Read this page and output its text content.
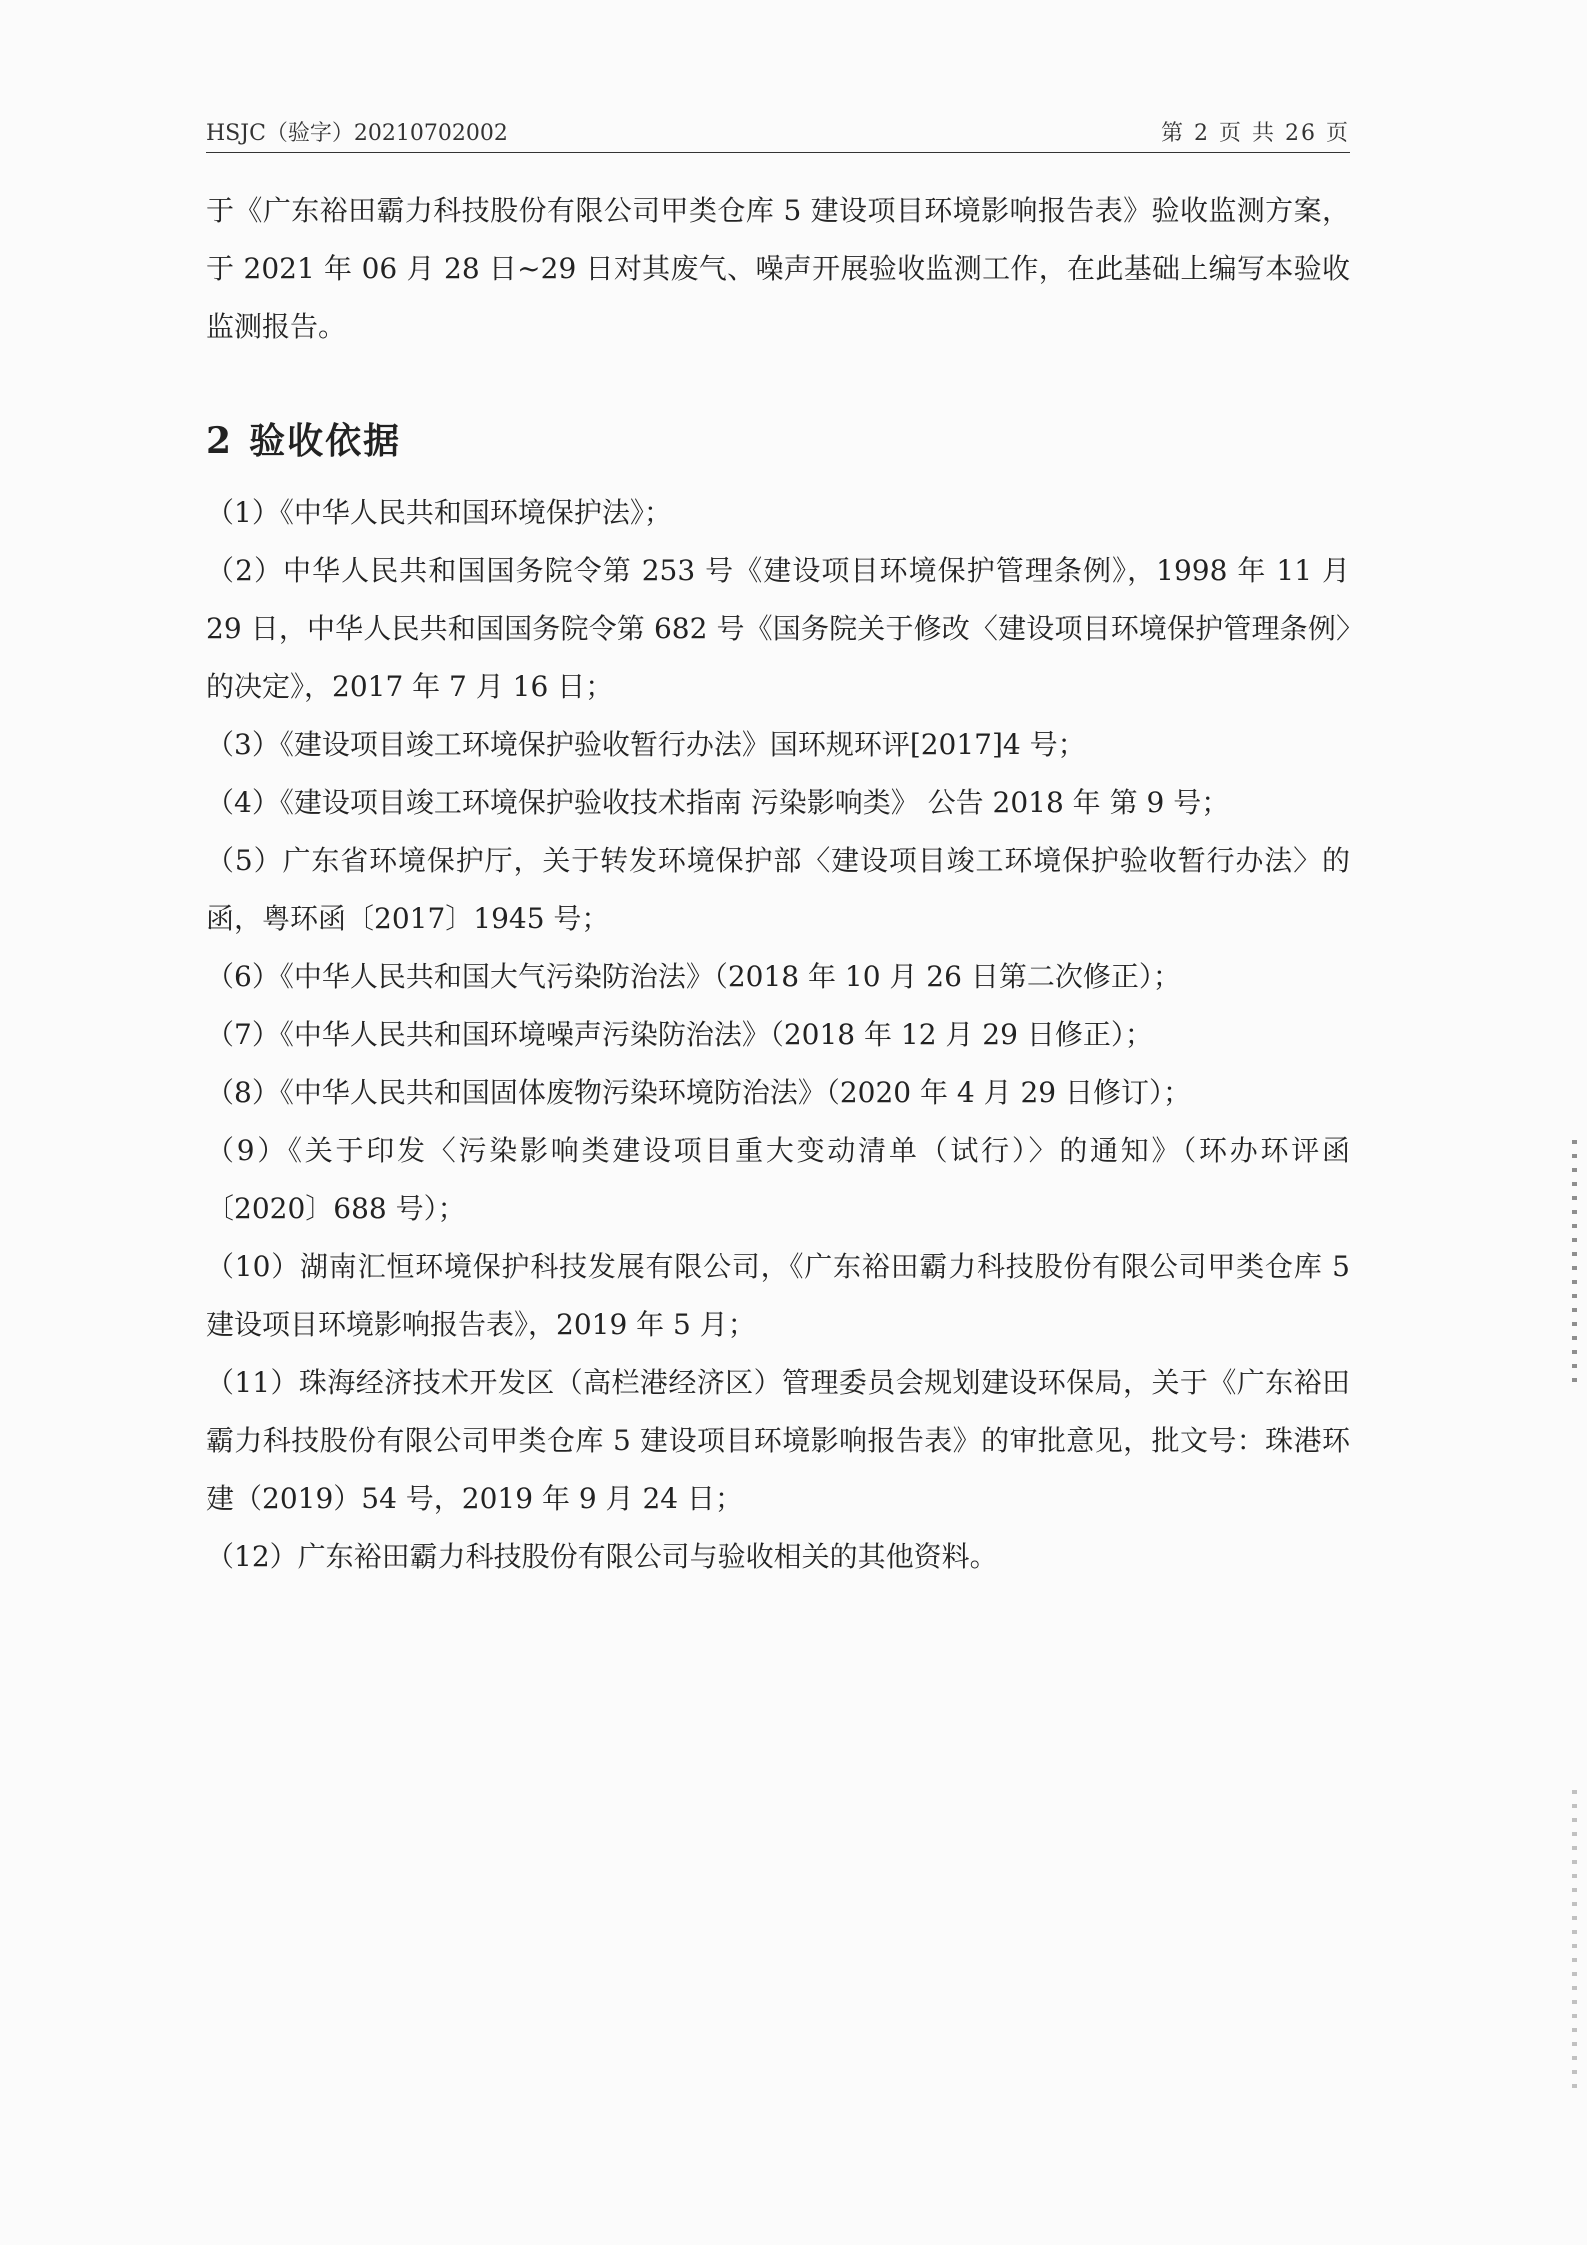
HSJC（验字）20210702002	第 2 页 共 26 页

于《广东裕田霸力科技股份有限公司甲类仓库 5 建设项目环境影响报告表》验收监测方案，于 2021 年 06 月 28 日~29 日对其废气、噪声开展验收监测工作，在此基础上编写本验收监测报告。

2 验收依据
（1）《中华人民共和国环境保护法》；
（2）中华人民共和国国务院令第 253 号《建设项目环境保护管理条例》，1998 年 11 月 29 日，中华人民共和国国务院令第 682 号《国务院关于修改〈建设项目环境保护管理条例〉的决定》，2017 年 7 月 16 日；
（3）《建设项目竣工环境保护验收暂行办法》国环规环评[2017]4 号；
（4）《建设项目竣工环境保护验收技术指南 污染影响类》 公告 2018 年 第 9 号；
（5）广东省环境保护厅，关于转发环境保护部〈建设项目竣工环境保护验收暂行办法〉的函，粤环函〔2017〕1945 号；
（6）《中华人民共和国大气污染防治法》（2018 年 10 月 26 日第二次修正）；
（7）《中华人民共和国环境噪声污染防治法》（2018 年 12 月 29 日修正）；
（8）《中华人民共和国固体废物污染环境防治法》（2020 年 4 月 29 日修订）；
（9）《关于印发〈污染影响类建设项目重大变动清单（试行）〉的通知》（环办环评函〔2020〕688 号）；
（10）湖南汇恒环境保护科技发展有限公司，《广东裕田霸力科技股份有限公司甲类仓库 5 建设项目环境影响报告表》，2019 年 5 月；
（11）珠海经济技术开发区（高栏港经济区）管理委员会规划建设环保局，关于《广东裕田霸力科技股份有限公司甲类仓库 5 建设项目环境影响报告表》的审批意见，批文号：珠港环建（2019）54 号，2019 年 9 月 24 日；
（12）广东裕田霸力科技股份有限公司与验收相关的其他资料。
